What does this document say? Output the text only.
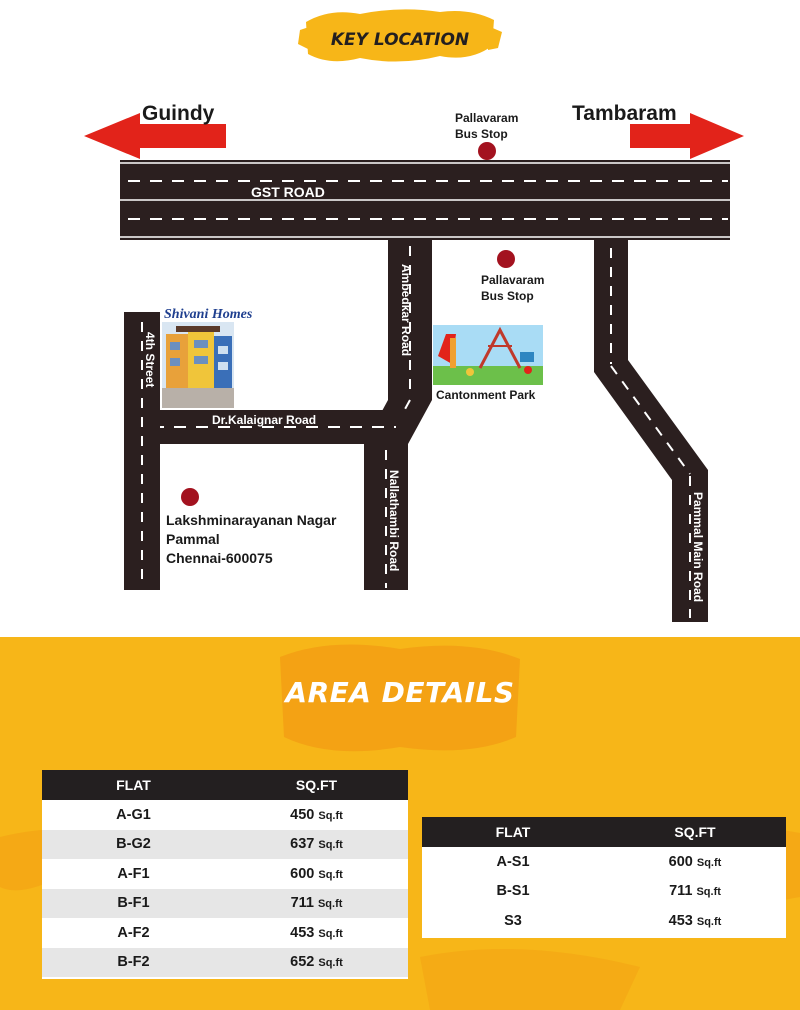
Guindy	Tambaram
GST ROAD
Pallavaram
Bus Stop
Pallavaram
Bus Stop
Ambedkar Road
4th Street
Dr.Kalaignar Road
Nallathambi Road	Pammal Main Road
Cantonment Park
Shivani Homes
Lakshminarayanan Nagar
Pammal
Chennai-600075
KEY LOCATION
AREA DETAILS
FLAT	SQ.FT
A-G1	450 Sq.ft
B-G2	637 Sq.ft
A-F1	600 Sq.ft
B-F1	711 Sq.ft
A-F2	453 Sq.ft
B-F2	652 Sq.ft
FLAT	SQ.FT
A-S1	600 Sq.ft
B-S1	711 Sq.ft
S3	453 Sq.ft
